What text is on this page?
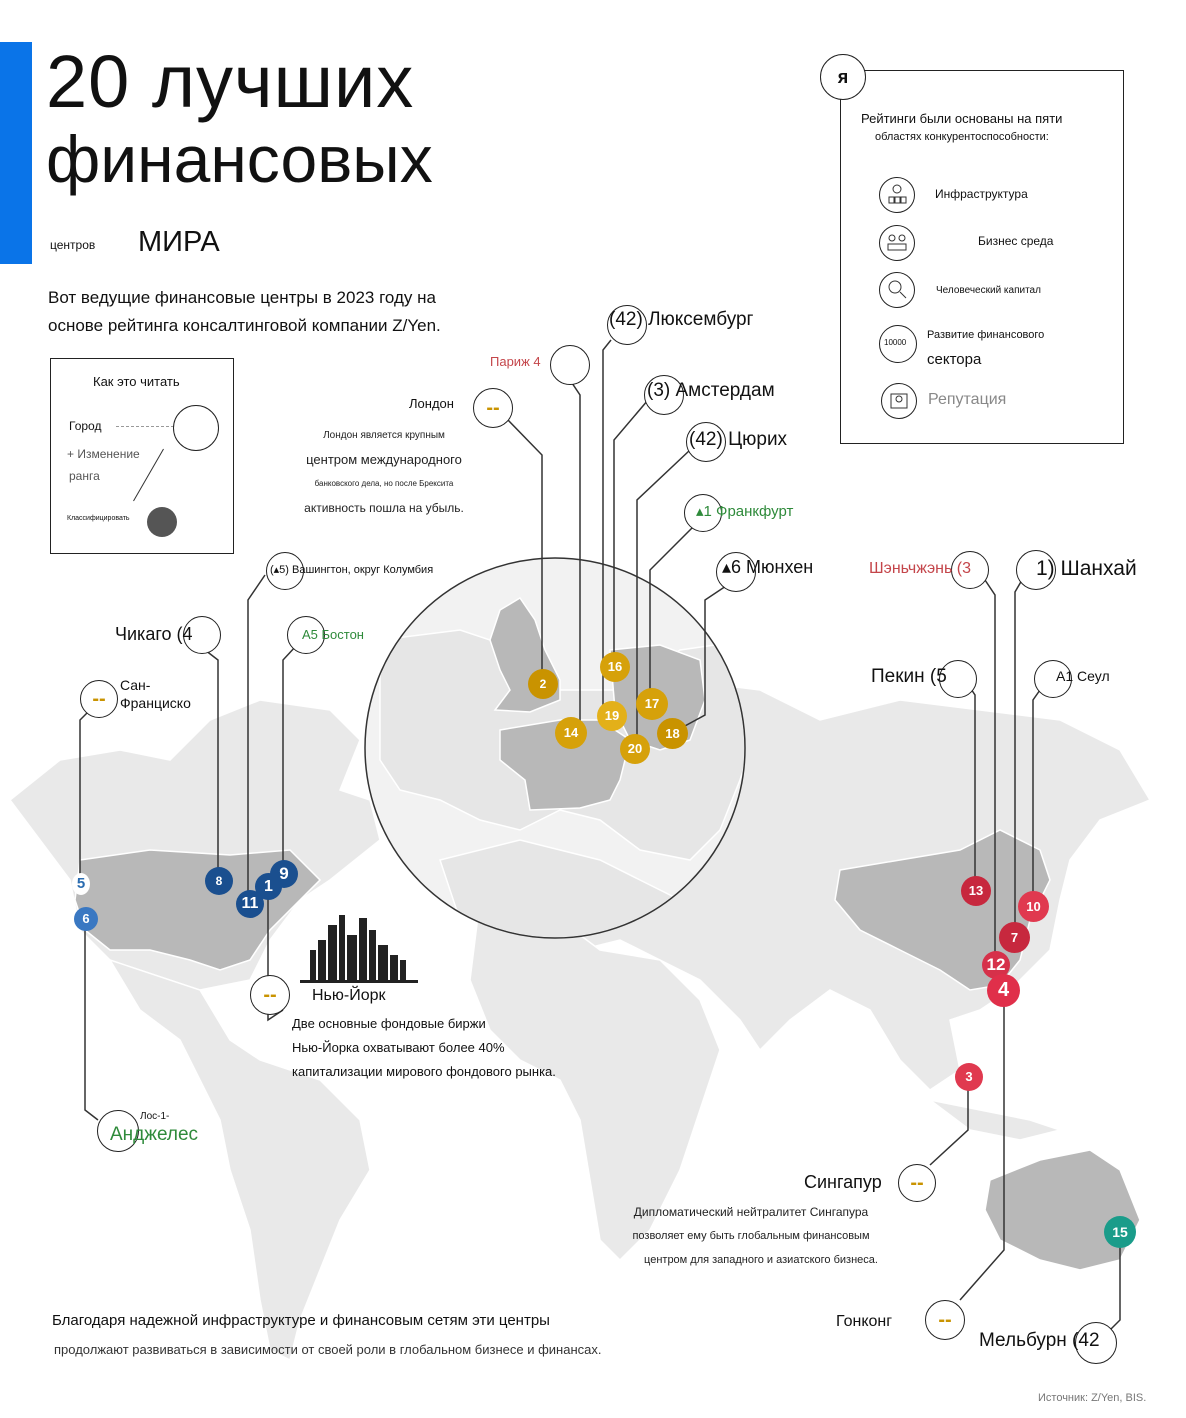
20 лучших
финансовых
центров МИРА
Вот ведущие финансовые центры в 2023 году на
основе рейтинга консалтинговой компании Z/Yen.
Как это читать
Город
+ Изменение
ранга
Классифицировать
Рейтинги были основаны на пяти
областях конкурентоспособности:
Инфраструктура
Бизнес среда
Человеческий капитал
10000
Развитие финансового
сектора
Репутация
я
Париж 4
Лондон	--
Лондон является крупным
центром международного
банковского дела, но после Брексита
активность пошла на убыль.
(42) Люксембург
(3) Амстердам
(42) Цюрих
▴1 Франкфурт
▴6 Мюнхен
2
14
16
19
17
20
18
(▴5) Вашингтон, округ Колумбия
Чикаго (4	А5 Бостон
--
Сан-
Франциско
Лос-1-
Анджелес
--	Нью-Йорк
Две основные фондовые биржи
Нью-Йорка охватывают более 40%
капитализации мирового фондового рынка.
5
6
8	1
11
9
Шэньчжэнь (3	1) Шанхай
Пекин (5	А1 Сеул
Сингапур	--
Дипломатический нейтралитет Сингапура
позволяет ему быть глобальным финансовым
центром для западного и азиатского бизнеса.
Гонконг	--
Мельбурн (42
13
10
7
12
4
3
15
Благодаря надежной инфраструктуре и финансовым сетям эти центры
продолжают развиваться в зависимости от своей роли в глобальном бизнесе и финансах.
Источник: Z/Yen, BIS.
